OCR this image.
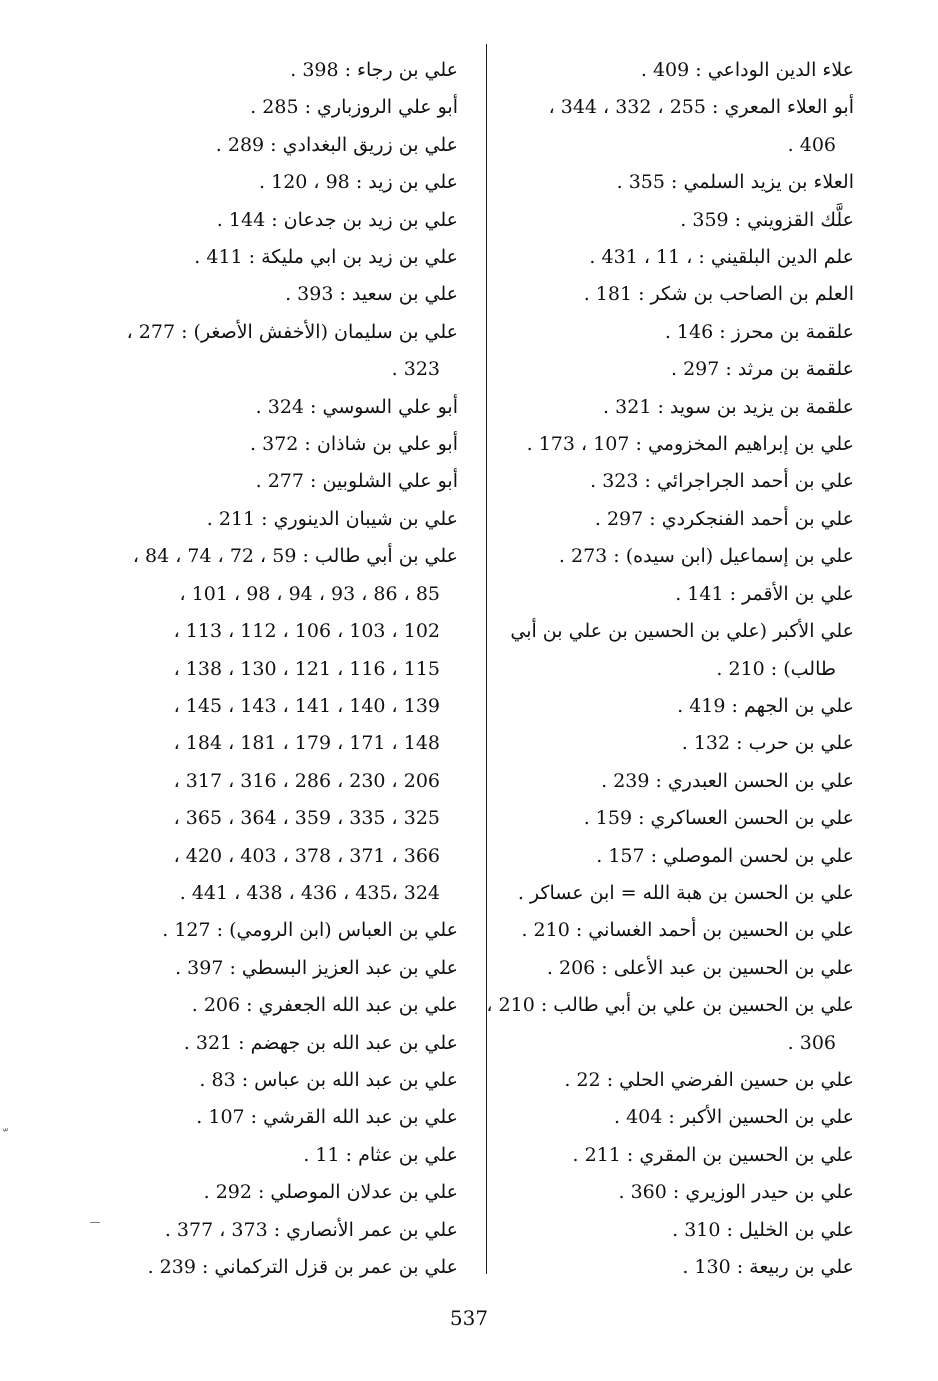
علاء الدين الوداعي : 409 .
أبو العلاء المعري : 255 ، 332 ، 344 ،
406 .
العلاء بن يزيد السلمي : 355 .
علَّك القزويني : 359 .
علم الدين البلقيني : ، 11 ، 431 .
العلم بن الصاحب بن شكر : 181 .
علقمة بن محرز : 146 .
علقمة بن مرثد : 297 .
علقمة بن يزيد بن سويد : 321 .
علي بن إبراهيم المخزومي : 107 ، 173 .
علي بن أحمد الجراجرائي : 323 .
علي بن أحمد الفنجكردي : 297 .
علي بن إسماعيل (ابن سيده) : 273 .
علي بن الأقمر : 141 .
علي الأكبر (علي بن الحسين بن علي بن أبي
طالب) : 210 .
علي بن الجهم : 419 .
علي بن حرب : 132 .
علي بن الحسن العبدري : 239 .
علي بن الحسن العساكري : 159 .
علي بن لحسن الموصلي : 157 .
علي بن الحسن بن هبة الله = ابن عساكر .
علي بن الحسين بن أحمد الغساني : 210 .
علي بن الحسين بن عبد الأعلى : 206 .
علي بن الحسين بن علي بن أبي طالب : 210 ،
306 .
علي بن حسين الفرضي الحلي : 22 .
علي بن الحسين الأكبر : 404 .
علي بن الحسين بن المقري : 211 .
علي بن حيدر الوزيري : 360 .
علي بن الخليل : 310 .
علي بن ربيعة : 130 .
علي بن رجاء : 398 .
أبو علي الروزباري : 285 .
علي بن زريق البغدادي : 289 .
علي بن زيد : 98 ، 120 .
علي بن زيد بن جدعان : 144 .
علي بن زيد بن ابي مليكة : 411 .
علي بن سعيد : 393 .
علي بن سليمان (الأخفش الأصغر) : 277 ،
323 .
أبو علي السوسي : 324 .
أبو علي بن شاذان : 372 .
أبو علي الشلوبين : 277 .
علي بن شيبان الدينوري : 211 .
علي بن أبي طالب : 59 ، 72 ، 74 ، 84 ،
85 ، 86 ، 93 ، 94 ، 98 ، 101 ،
102 ، 103 ، 106 ، 112 ، 113 ،
115 ، 116 ، 121 ، 130 ، 138 ،
139 ، 140 ، 141 ، 143 ، 145 ،
148 ، 171 ، 179 ، 181 ، 184 ،
206 ، 230 ، 286 ، 316 ، 317 ،
325 ، 335 ، 359 ، 364 ، 365 ،
366 ، 371 ، 378 ، 403 ، 420 ،
324 ،435 ، 436 ، 438 ، 441 .
علي بن العباس (ابن الرومي) : 127 .
علي بن عبد العزيز البسطي : 397 .
علي بن عبد الله الجعفري : 206 .
علي بن عبد الله بن جهضم : 321 .
علي بن عبد الله بن عباس : 83 .
علي بن عبد الله القرشي : 107 .
علي بن عثام : 11 .
علي بن عدلان الموصلي : 292 .
علي بن عمر الأنصاري : 373 ، 377 .
علي بن عمر بن قزل التركماني : 239 .
537
